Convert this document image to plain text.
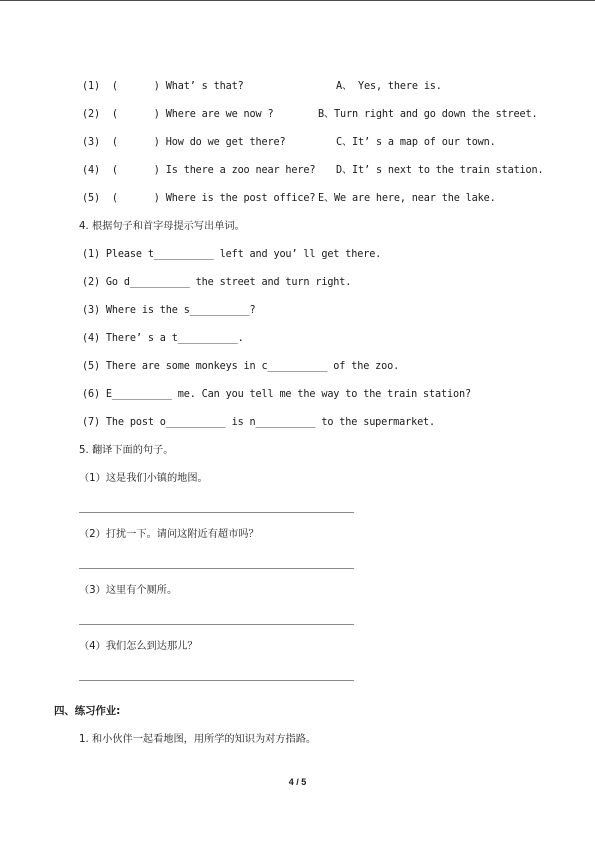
(1)  (      ) What’ s that?	A、 Yes, there is.
(2)  (      ) Where are we now ?	B、Turn right and go down the street.
(3)  (      ) How do we get there?	C、It’ s a map of our town.
(4)  (      ) Is there a zoo near here? D、It’ s next to the train station.
(5)  (      ) Where is the post office? E、We are here, near the lake.
4. 根据句子和首字母提示写出单词。
(1) Please t__________ left and you’ ll get there.
(2) Go d__________ the street and turn right.
(3) Where is the s__________?
(4) There’ s a t__________.
(5) There are some monkeys in c__________ of the zoo.
(6) E__________ me. Can you tell me the way to the train station?
(7) The post o__________ is n__________ to the supermarket.
5. 翻译下面的句子。
（1）这是我们小镇的地图。
（2）打扰一下。请问这附近有超市吗？
（3）这里有个厕所。
（4）我们怎么到达那儿？
四、练习作业:
1. 和小伙伴一起看地图，用所学的知识为对方指路。
4 / 5
